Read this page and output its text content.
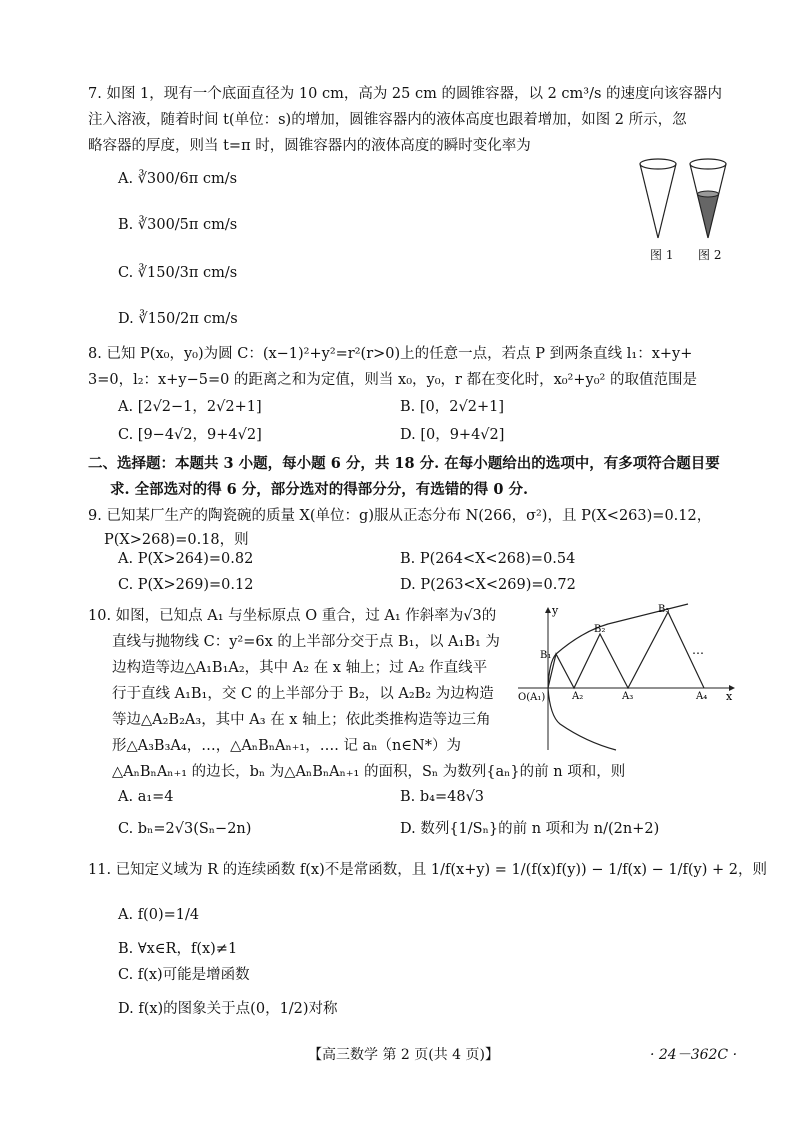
7. 如图 1，现有一个底面直径为 10 cm，高为 25 cm 的圆锥容器，以 2 cm³/s 的速度向该容器内
注入溶液，随着时间 t(单位：s)的增加，圆锥容器内的液体高度也跟着增加，如图 2 所示，忽
略容器的厚度，则当 t=π 时，圆锥容器内的液体高度的瞬时变化率为
A. ∛300/6π cm/s
B. ∛300/5π cm/s
C. ∛150/3π cm/s
D. ∛150/2π cm/s
图 1 图 2
8. 已知 P(x₀，y₀)为圆 C：(x−1)²+y²=r²(r>0)上的任意一点，若点 P 到两条直线 l₁：x+y+
3=0，l₂：x+y−5=0 的距离之和为定值，则当 x₀，y₀，r 都在变化时，x₀²+y₀² 的取值范围是
A. [2√2−1，2√2+1]	B. [0，2√2+1]
C. [9−4√2，9+4√2]	D. [0，9+4√2]
二、选择题：本题共 3 小题，每小题 6 分，共 18 分. 在每小题给出的选项中，有多项符合题目要
求. 全部选对的得 6 分，部分选对的得部分分，有选错的得 0 分.
9. 已知某厂生产的陶瓷碗的质量 X(单位：g)服从正态分布 N(266，σ²)，且 P(X<263)=0.12，
P(X>268)=0.18，则
A. P(X>264)=0.82	B. P(264<X<268)=0.54
C. P(X>269)=0.12	D. P(263<X<269)=0.72
10. 如图，已知点 A₁ 与坐标原点 O 重合，过 A₁ 作斜率为√3的
直线与抛物线 C：y²=6x 的上半部分交于点 B₁，以 A₁B₁ 为
边构造等边△A₁B₁A₂，其中 A₂ 在 x 轴上；过 A₂ 作直线平
行于直线 A₁B₁，交 C 的上半部分于 B₂，以 A₂B₂ 为边构造
等边△A₂B₂A₃，其中 A₃ 在 x 轴上；依此类推构造等边三角
形△A₃B₃A₄，…，△AₙBₙAₙ₊₁，…. 记 aₙ（n∈N*）为
△AₙBₙAₙ₊₁ 的边长，bₙ 为△AₙBₙAₙ₊₁ 的面积，Sₙ 为数列{aₙ}的前 n 项和，则
A. a₁=4	B. b₄=48√3
C. bₙ=2√3(Sₙ−2n)	D. 数列{1/Sₙ}的前 n 项和为 n/(2n+2)
y
x
O(A₁)	A₂	A₃	A₄
B₁
B₂
B₃
…
11. 已知定义域为 R 的连续函数 f(x)不是常函数，且 1/f(x+y) = 1/(f(x)f(y)) − 1/f(x) − 1/f(y) + 2，则
A. f(0)=1/4
B. ∀x∈R，f(x)≠1
C. f(x)可能是增函数
D. f(x)的图象关于点(0，1/2)对称
【高三数学 第 2 页(共 4 页)】	· 24－362C ·
